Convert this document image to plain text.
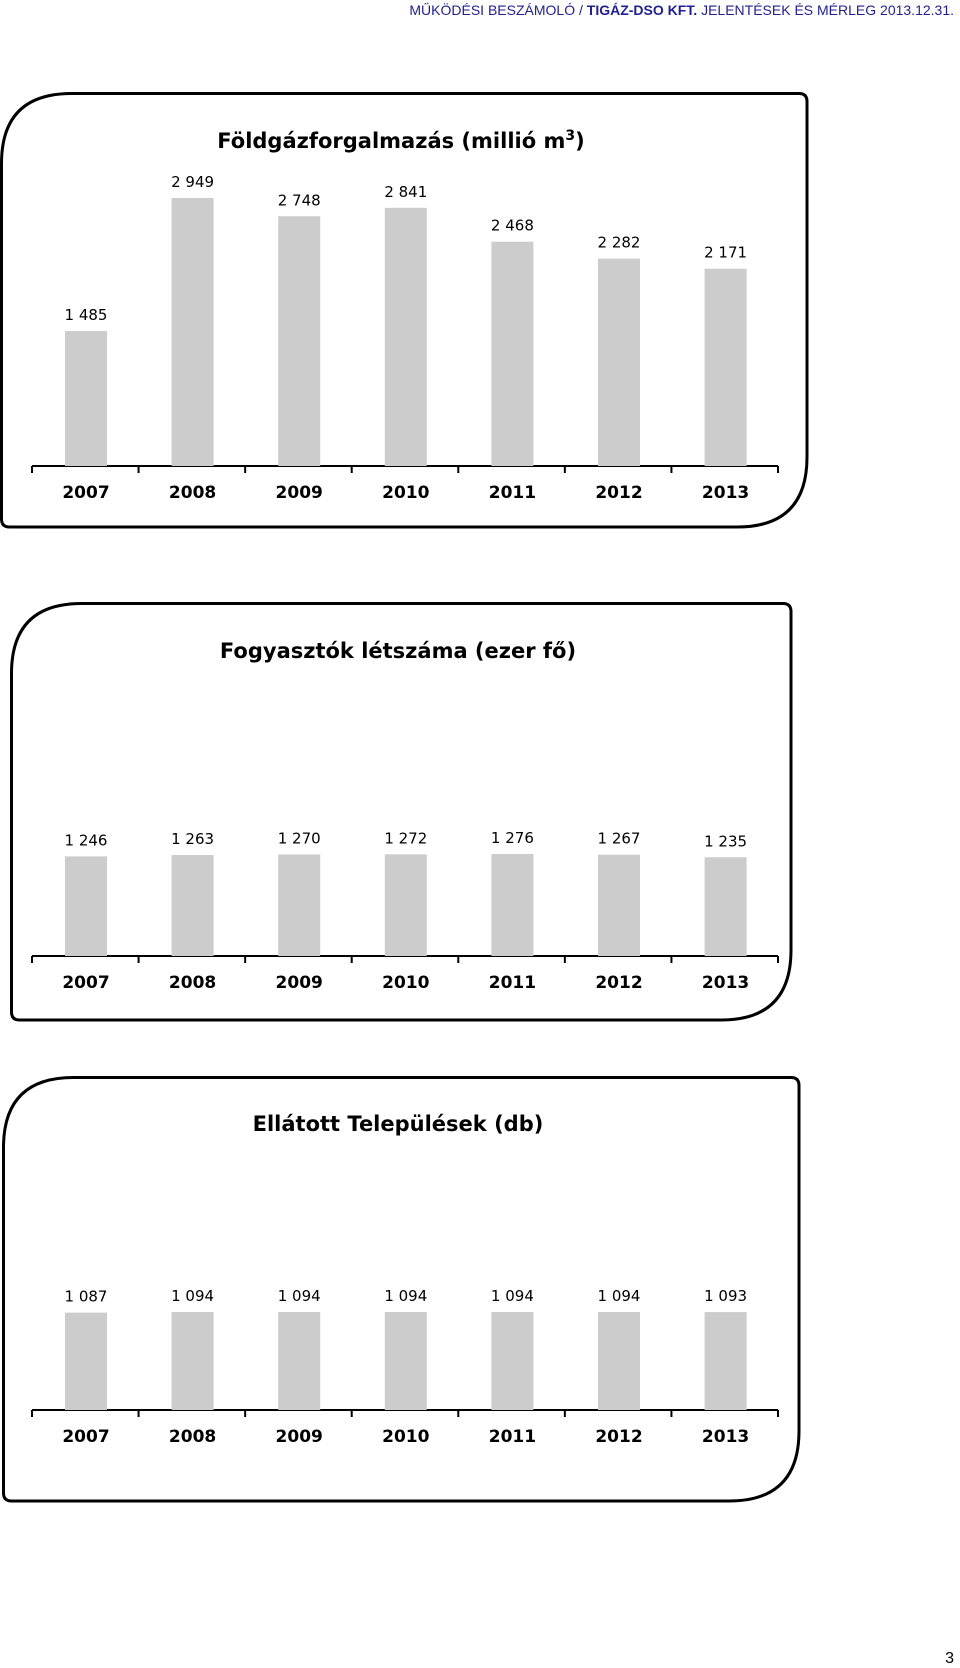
MŰKÖDÉSI BESZÁMOLÓ / TIGÁZ-DSO KFT. JELENTÉSEK ÉS MÉRLEG 2013.12.31.
Földgázforgalmazás (millió $m^3$)
1 485
2007
2 949
2008
2 748
2009
2 841
2010
2 468
2011
2 282
2012
2 171
2013
Fogyasztók létszáma (ezer fő)
1 246
2007
1 263
2008
1 270
2009
1 272
2010
1 276
2011
1 267
2012
1 235
2013
Ellátott Települések (db)
1 087
2007
1 094
2008
1 094
2009
1 094
2010
1 094
2011
1 094
2012
1 093
2013
3
